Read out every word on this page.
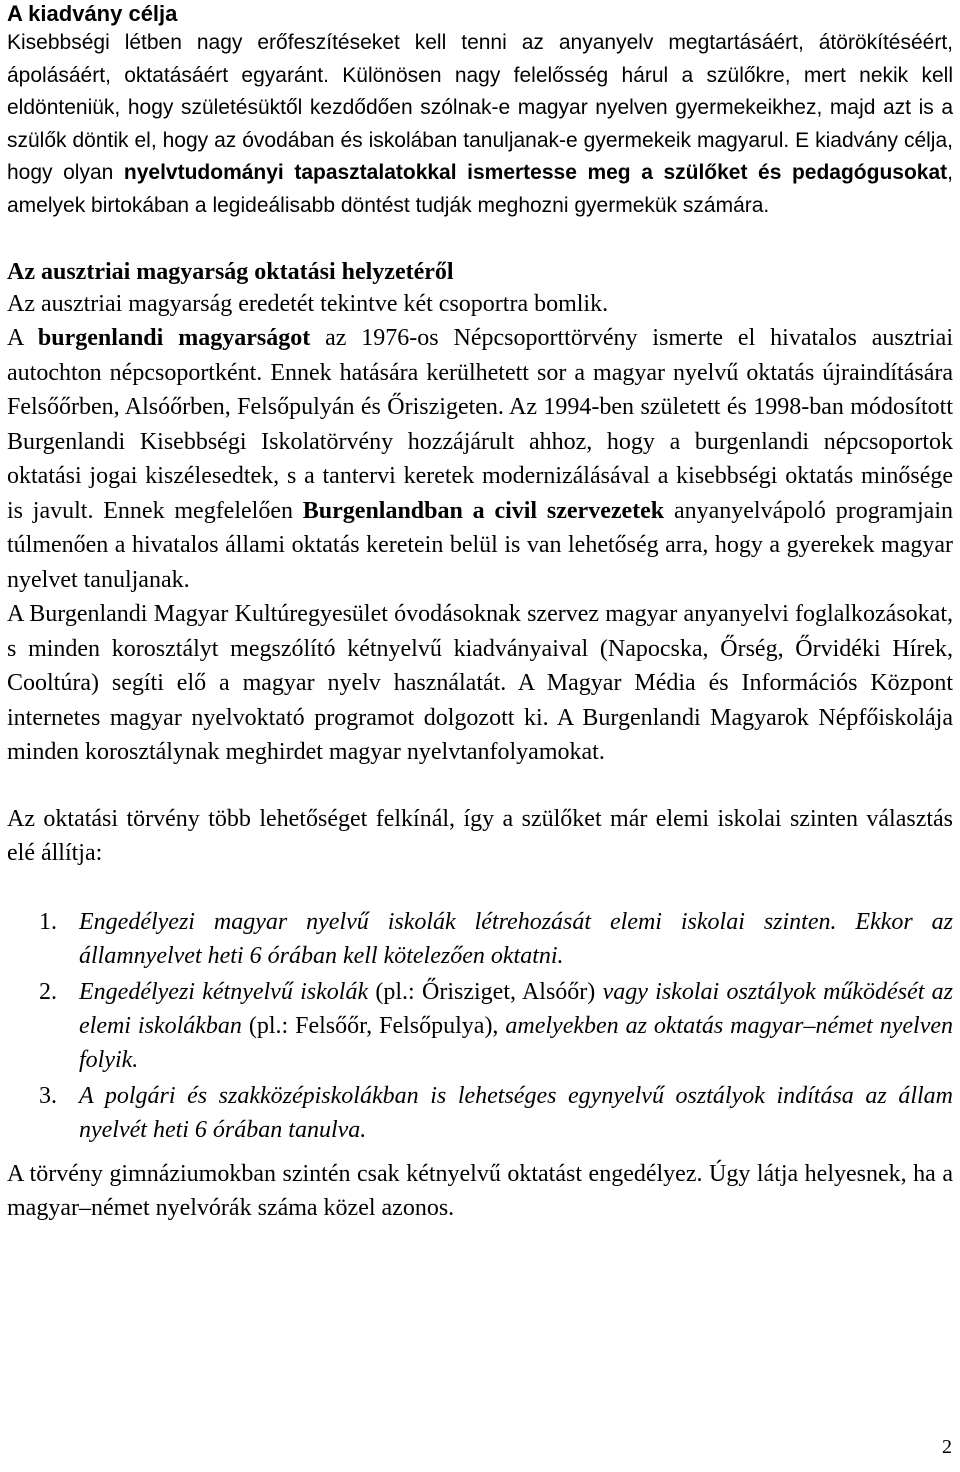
A kiadvány célja

Kisebbségi létben nagy erőfeszítéseket kell tenni az anyanyelv megtartásáért, átörökítéséért, ápolásáért, oktatásáért egyaránt. Különösen nagy felelősség hárul a szülőkre, mert nekik kell eldönteniük, hogy születésüktől kezdődően szólnak-e magyar nyelven gyermekeikhez, majd azt is a szülők döntik el, hogy az óvodában és iskolában tanuljanak-e gyermekeik magyarul. E kiadvány célja, hogy olyan nyelvtudományi tapasztalatokkal ismertesse meg a szülőket és pedagógusokat, amelyek birtokában a legideálisabb döntést tudják meghozni gyermekük számára.

Az ausztriai magyarság oktatási helyzetéről

Az ausztriai magyarság eredetét tekintve két csoportra bomlik.

A burgenlandi magyarságot az 1976-os Népcsoporttörvény ismerte el hivatalos ausztriai autochton népcsoportként. Ennek hatására kerülhetett sor a magyar nyelvű oktatás újraindítására Felsőőrben, Alsóőrben, Felsőpulyán és Őriszigeten. Az 1994-ben született és 1998-ban módosított Burgenlandi Kisebbségi Iskolatörvény hozzájárult ahhoz, hogy a burgenlandi népcsoportok oktatási jogai kiszélesedtek, s a tantervi keretek modernizálásával a kisebbségi oktatás minősége is javult. Ennek megfelelően Burgenlandban a civil szervezetek anyanyelvápoló programjain túlmenően a hivatalos állami oktatás keretein belül is van lehetőség arra, hogy a gyerekek magyar nyelvet tanuljanak.

A Burgenlandi Magyar Kultúregyesület óvodásoknak szervez magyar anyanyelvi foglalkozásokat, s minden korosztályt megszólító kétnyelvű kiadványaival (Napocska, Őrség, Őrvidéki Hírek, Cooltúra) segíti elő a magyar nyelv használatát. A Magyar Média és Információs Központ internetes magyar nyelvoktató programot dolgozott ki. A Burgenlandi Magyarok Népfőiskolája minden korosztálynak meghirdet magyar nyelvtanfolyamokat.

Az oktatási törvény több lehetőséget felkínál, így a szülőket már elemi iskolai szinten választás elé állítja:

1. Engedélyezi magyar nyelvű iskolák létrehozását elemi iskolai szinten. Ekkor az államnyelvet heti 6 órában kell kötelezően oktatni.
2. Engedélyezi kétnyelvű iskolák (pl.: Őrisziget, Alsóőr) vagy iskolai osztályok működését az elemi iskolákban (pl.: Felsőőr, Felsőpulya), amelyekben az oktatás magyar–német nyelven folyik.
3. A polgári és szakközépiskolákban is lehetséges egynyelvű osztályok indítása az állam nyelvét heti 6 órában tanulva.

A törvény gimnáziumokban szintén csak kétnyelvű oktatást engedélyez. Úgy látja helyesnek, ha a magyar–német nyelvórák száma közel azonos.

2
